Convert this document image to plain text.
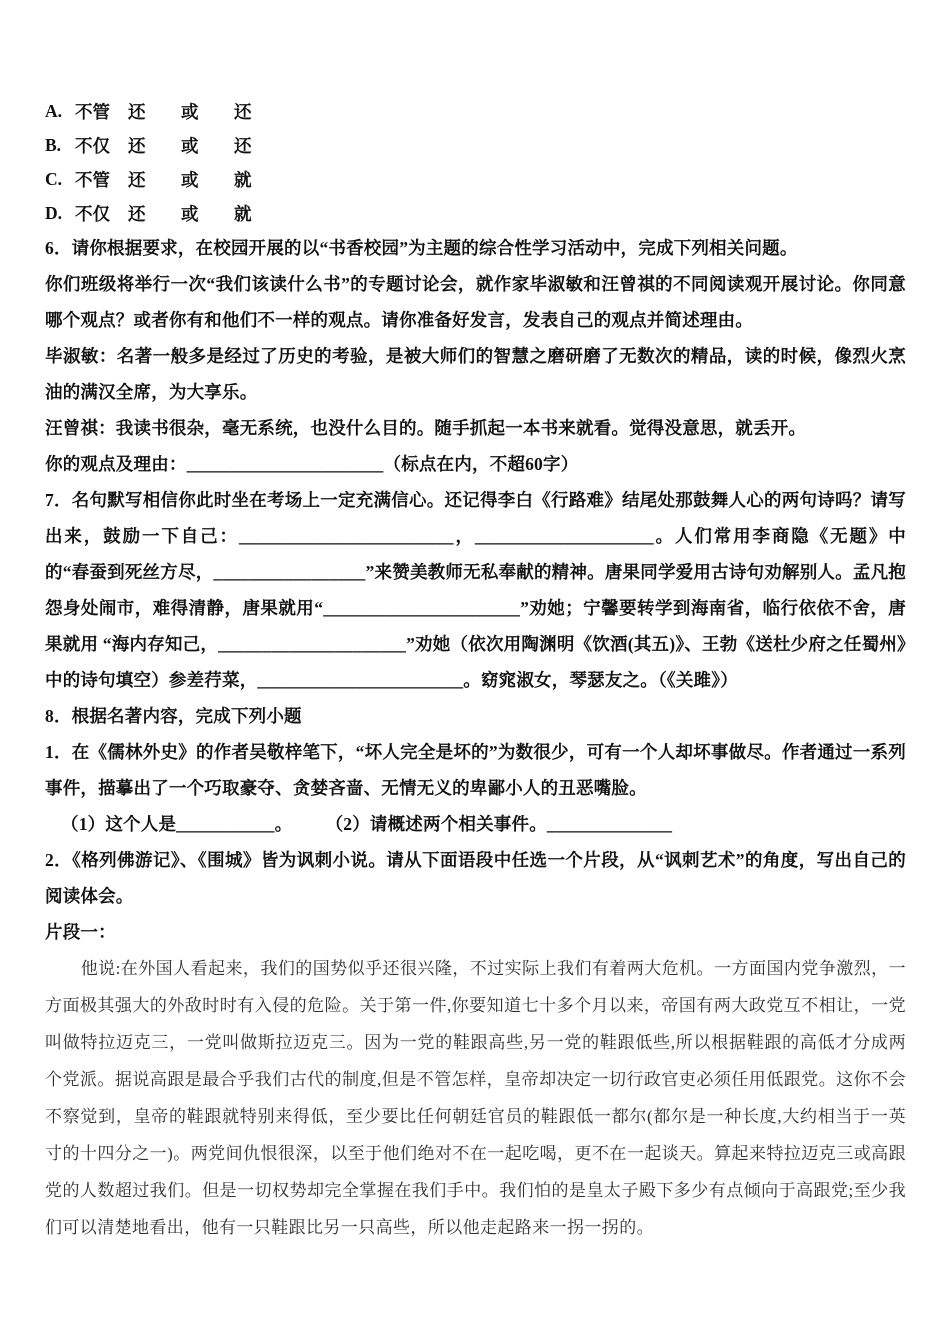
A. 不管	还	或	还
B. 不仅	还	或	还
C. 不管	还	或	就
D. 不仅	还	或	就

6．请你根据要求，在校园开展的以“书香校园”为主题的综合性学习活动中，完成下列相关问题。

你们班级将举行一次“我们该读什么书”的专题讨论会，就作家毕淑敏和汪曾祺的不同阅读观开展讨论。你同意哪个观点？或者你有和他们不一样的观点。请你准备好发言，发表自己的观点并简述理由。

毕淑敏：名著一般多是经过了历史的考验，是被大师们的智慧之磨研磨了无数次的精品，读的时候，像烈火烹油的满汉全席，为大享乐。

汪曾祺：我读书很杂，毫无系统，也没什么目的。随手抓起一本书来就看。觉得没意思，就丢开。

你的观点及理由：______________________（标点在内，不超60字）

7．名句默写相信你此时坐在考场上一定充满信心。还记得李白《行路难》结尾处那鼓舞人心的两句诗吗？请写出来，鼓励一下自己：________________________，____________________。人们常用李商隐《无题》中的“春蚕到死丝方尽，_________________”来赞美教师无私奉献的精神。唐果同学爱用古诗句劝解别人。孟凡抱怨身处闹市，难得清静，唐果就用“______________________”劝她；宁馨要转学到海南省，临行依依不舍，唐果就用 “海内存知己，_____________________”劝她（依次用陶渊明《饮酒(其五)》、王勃《送杜少府之任蜀州》中的诗句填空）参差荇菜，_______________________。窈窕淑女，琴瑟友之。（《关雎》）

8．根据名著内容，完成下列小题

1．在《儒林外史》的作者吴敬梓笔下，“坏人完全是坏的”为数很少，可有一个人却坏事做尽。作者通过一系列事件，描摹出了一个巧取豪夺、贪婪吝啬、无情无义的卑鄙小人的丑恶嘴脸。

（1）这个人是___________。 （2）请概述两个相关事件。______________

2．《格列佛游记》、《围城》皆为讽刺小说。请从下面语段中任选一个片段，从“讽刺艺术”的角度，写出自己的阅读体会。

片段一：

他说:在外国人看起来，我们的国势似乎还很兴隆，不过实际上我们有着两大危机。一方面国内党争激烈，一方面极其强大的外敌时时有入侵的危险。关于第一件,你要知道七十多个月以来，帝国有两大政党互不相让，一党叫做特拉迈克三，一党叫做斯拉迈克三。因为一党的鞋跟高些,另一党的鞋跟低些,所以根据鞋跟的高低才分成两个党派。据说高跟是最合乎我们古代的制度,但是不管怎样，皇帝却决定一切行政官吏必须任用低跟党。这你不会不察觉到，皇帝的鞋跟就特别来得低，至少要比任何朝廷官员的鞋跟低一都尔(都尔是一种长度,大约相当于一英寸的十四分之一)。两党间仇恨很深，以至于他们绝对不在一起吃喝，更不在一起谈天。算起来特拉迈克三或高跟党的人数超过我们。但是一切权势却完全掌握在我们手中。我们怕的是皇太子殿下多少有点倾向于高跟党;至少我们可以清楚地看出，他有一只鞋跟比另一只高些，所以他走起路来一拐一拐的。
